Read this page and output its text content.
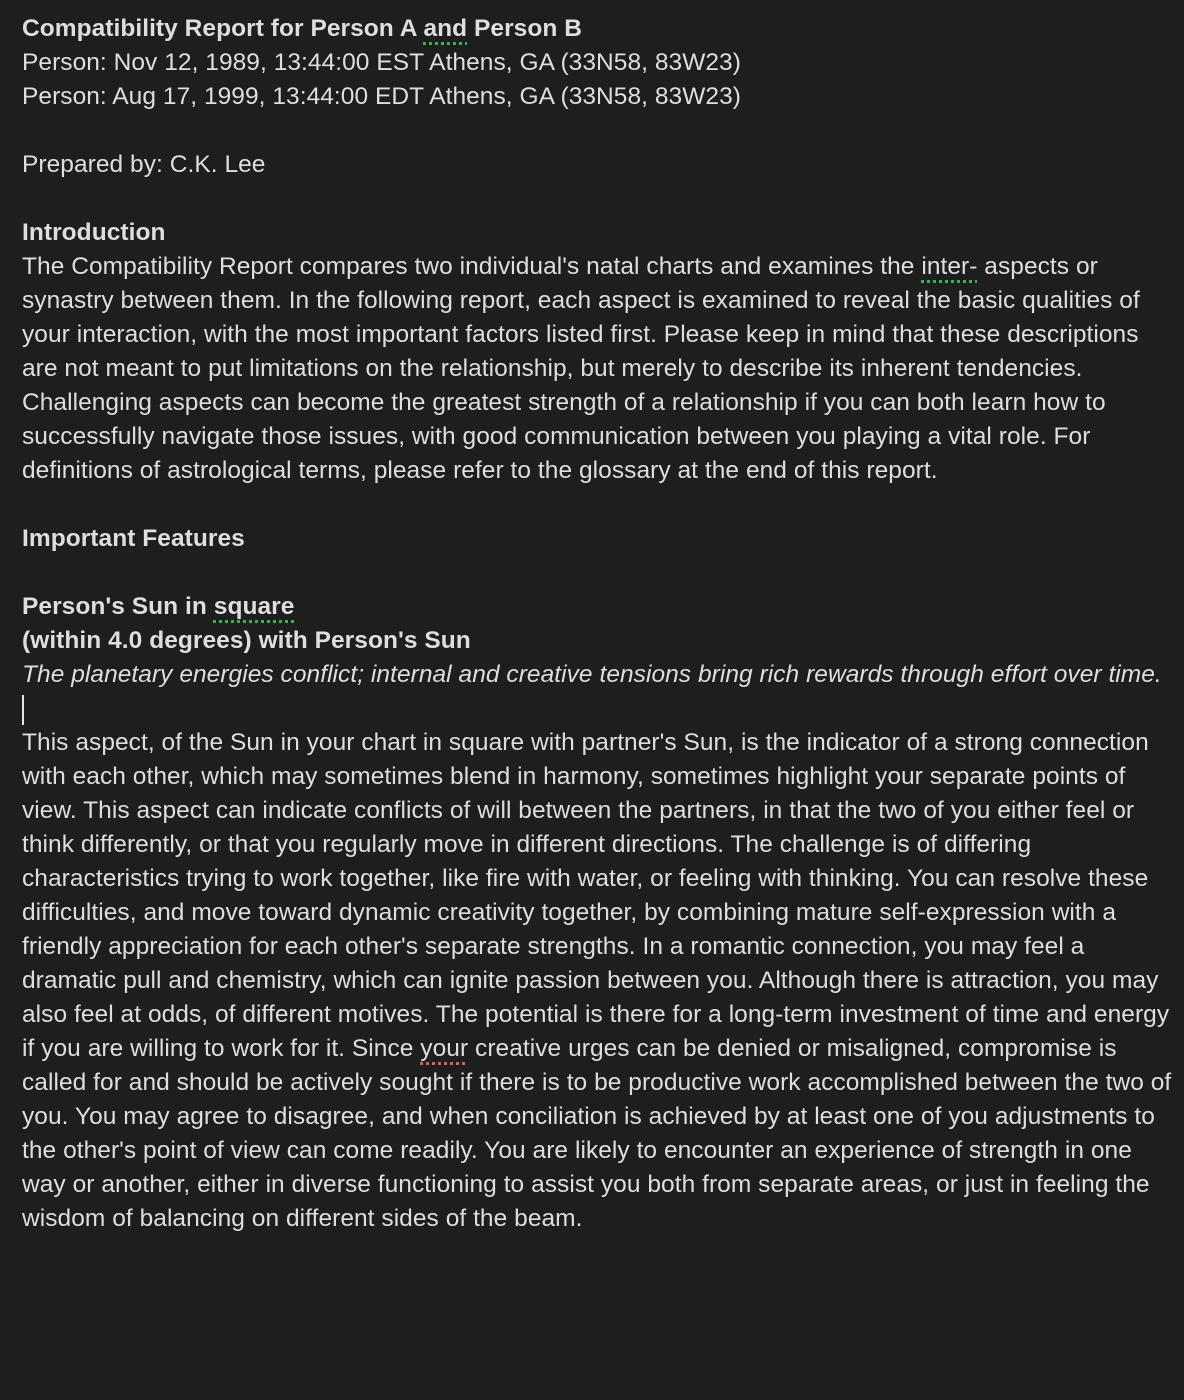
Compatibility Report for Person A and Person B
Person: Nov 12, 1989, 13:44:00 EST Athens, GA (33N58, 83W23)
Person: Aug 17, 1999, 13:44:00 EDT Athens, GA (33N58, 83W23)
Prepared by: C.K. Lee
Introduction
The Compatibility Report compares two individual's natal charts and examines the inter- aspects or synastry between them. In the following report, each aspect is examined to reveal the basic qualities of your interaction, with the most important factors listed first. Please keep in mind that these descriptions are not meant to put limitations on the relationship, but merely to describe its inherent tendencies. Challenging aspects can become the greatest strength of a relationship if you can both learn how to successfully navigate those issues, with good communication between you playing a vital role. For definitions of astrological terms, please refer to the glossary at the end of this report.
Important Features
Person's Sun in square
(within 4.0 degrees) with Person's Sun
The planetary energies conflict; internal and creative tensions bring rich rewards through effort over time.
This aspect, of the Sun in your chart in square with partner's Sun, is the indicator of a strong connection with each other, which may sometimes blend in harmony, sometimes highlight your separate points of view. This aspect can indicate conflicts of will between the partners, in that the two of you either feel or think differently, or that you regularly move in different directions. The challenge is of differing characteristics trying to work together, like fire with water, or feeling with thinking. You can resolve these difficulties, and move toward dynamic creativity together, by combining mature self-expression with a friendly appreciation for each other's separate strengths. In a romantic connection, you may feel a dramatic pull and chemistry, which can ignite passion between you. Although there is attraction, you may also feel at odds, of different motives. The potential is there for a long-term investment of time and energy if you are willing to work for it. Since your creative urges can be denied or misaligned, compromise is called for and should be actively sought if there is to be productive work accomplished between the two of you. You may agree to disagree, and when conciliation is achieved by at least one of you adjustments to the other's point of view can come readily. You are likely to encounter an experience of strength in one way or another, either in diverse functioning to assist you both from separate areas, or just in feeling the wisdom of balancing on different sides of the beam.
